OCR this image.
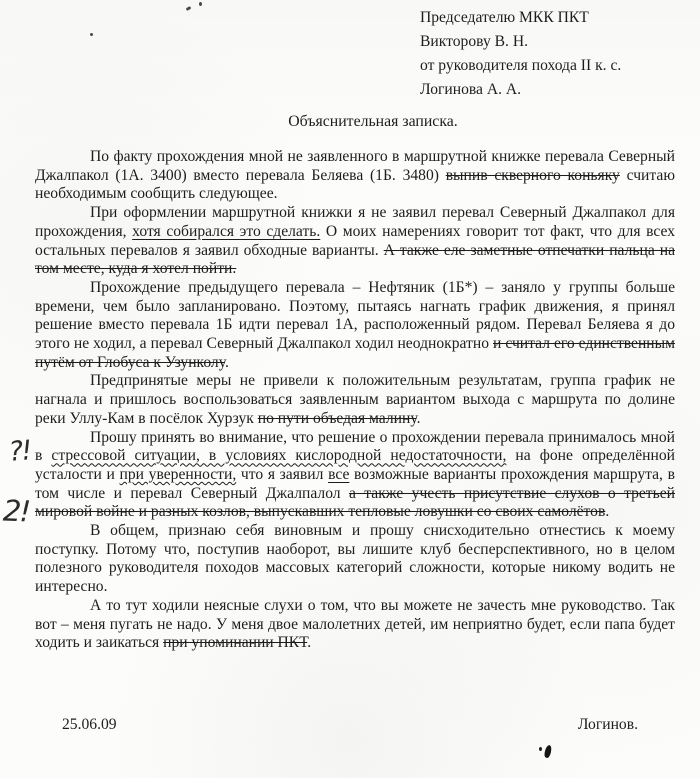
Председателю МКК ПКТ
Викторову В. Н.
от руководителя похода II к. с.
Логинова А. А.
Объяснительная записка.

По факту прохождения мной не заявленного в маршрутной книжке перевала Северный Джалпакол (1А. 3400) вместо перевала Беляева (1Б. 3480) выпив скверного коньяку считаю необходимым сообщить следующее.

При оформлении маршрутной книжки я не заявил перевал Северный Джалпакол для прохождения, хотя собирался это сделать. О моих намерениях говорит тот факт, что для всех остальных перевалов я заявил обходные варианты. А также еле заметные отпечатки пальца на том месте, куда я хотел пойти.

Прохождение предыдущего перевала – Нефтяник (1Б*) – заняло у группы больше времени, чем было запланировано. Поэтому, пытаясь нагнать график движения, я принял решение вместо перевала 1Б идти перевал 1А, расположенный рядом. Перевал Беляева я до этого не ходил, а перевал Северный Джалпакол ходил неоднократно и считал его единственным путём от Глобуса к Узунколу.

Предпринятые меры не привели к положительным результатам, группа график не нагнала и пришлось воспользоваться заявленным вариантом выхода с маршрута по долине реки Уллу-Кам в посёлок Хурзук по пути объедая малину.

Прошу принять во внимание, что решение о прохождении перевала принималось мной в стрессовой ситуации, в условиях кислородной недостаточности, на фоне определённой усталости и при уверенности, что я заявил все возможные варианты прохождения маршрута, в том числе и перевал Северный Джалпалол а также учесть присутствие слухов о третьей мировой войне и разных козлов, выпускавших тепловые ловушки со своих самолётов.

В общем, признаю себя виновным и прошу снисходительно отнестись к моему поступку. Потому что, поступив наоборот, вы лишите клуб бесперспективного, но в целом полезного руководителя походов массовых категорий сложности, которые никому водить не интересно.

А то тут ходили неясные слухи о том, что вы можете не зачесть мне руководство. Так вот – меня пугать не надо. У меня двое малолетних детей, им неприятно будет, если папа будет ходить и заикаться при упоминании ПКТ.

?!
2!
25.06.09	Логинов.
